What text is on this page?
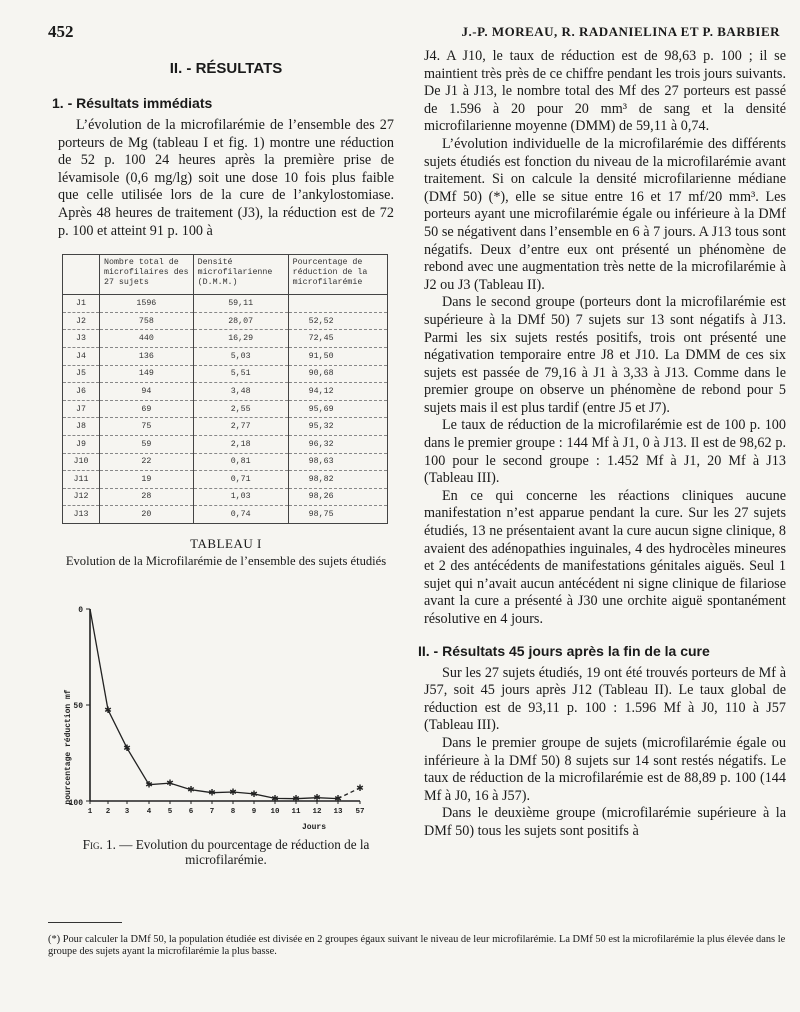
452	J.-P. MOREAU, R. RADANIELINA ET P. BARBIER
II. - RÉSULTATS
1. - Résultats immédiats

L’évolution de la microfilarémie de l’ensemble des 27 porteurs de Mg (tableau I et fig. 1) montre une réduction de 52 p. 100 24 heures après la première prise de lévamisole (0,6 mg/lg) soit une dose 10 fois plus faible que celle utilisée lors de la cure de l’ankylostomiase. Après 48 heures de traitement (J3), la réduction est de 72 p. 100 et atteint 91 p. 100 à

	Nombre total de microfilaires des 27 sujets	Densité microfilarienne (D.M.M.)	Pourcentage de réduction de la microfilarémie
J1	1596	59,11	
J2	758	28,07	52,52
J3	440	16,29	72,45
J4	136	5,03	91,50
J5	149	5,51	90,68
J6	94	3,48	94,12
J7	69	2,55	95,69
J8	75	2,77	95,32
J9	59	2,18	96,32
J10	22	0,81	98,63
J11	19	0,71	98,82
J12	28	1,03	98,26
J13	20	0,74	98,75
TABLEAU I
Evolution de la Microfilarémie de l’ensemble des sujets étudiés
0
50
100
1 2 3 4 5 6 7 8 9 10 11 12 13 57
✱
✱
✱ ✱
✱ ✱ ✱ ✱ ✱ ✱ ✱ ✱
✱
pourcentage réduction mf
Jours
Fig. 1. — Evolution du pourcentage de réduction de la microfilarémie.

J4. A J10, le taux de réduction est de 98,63 p. 100 ; il se maintient très près de ce chiffre pendant les trois jours suivants. De J1 à J13, le nombre total des Mf des 27 porteurs est passé de 1.596 à 20 pour 20 mm³ de sang et la densité microfilarienne moyenne (DMM) de 59,11 à 0,74.

L’évolution individuelle de la microfilarémie des différents sujets étudiés est fonction du niveau de la microfilarémie avant traitement. Si on calcule la densité microfilarienne médiane (DMf 50) (*), elle se situe entre 16 et 17 mf/20 mm³. Les porteurs ayant une microfilarémie égale ou inférieure à la DMf 50 se négativent dans l’ensemble en 6 à 7 jours. A J13 tous sont négatifs. Deux d’entre eux ont présenté un phénomène de rebond avec une augmentation très nette de la microfilarémie à J2 ou J3 (Tableau II).

Dans le second groupe (porteurs dont la microfilarémie est supérieure à la DMf 50) 7 sujets sur 13 sont négatifs à J13. Parmi les six sujets restés positifs, trois ont présenté une négativation temporaire entre J8 et J10. La DMM de ces six sujets est passée de 79,16 à J1 à 3,33 à J13. Comme dans le premier groupe on observe un phénomène de rebond pour 5 sujets mais il est plus tardif (entre J5 et J7).

Le taux de réduction de la microfilarémie est de 100 p. 100 dans le premier groupe : 144 Mf à J1, 0 à J13. Il est de 98,62 p. 100 pour le second groupe : 1.452 Mf à J1, 20 Mf à J13 (Tableau III).

En ce qui concerne les réactions cliniques aucune manifestation n’est apparue pendant la cure. Sur les 27 sujets étudiés, 13 ne présentaient avant la cure aucun signe clinique, 8 avaient des adénopathies inguinales, 4 des hydrocèles mineures et 2 des antécédents de manifestations génitales aiguës. Seul 1 sujet qui n’avait aucun antécédent ni signe clinique de filariose avant la cure a présenté à J30 une orchite aiguë spontanément résolutive en 4 jours.

II. - Résultats 45 jours après la fin de la cure

Sur les 27 sujets étudiés, 19 ont été trouvés porteurs de Mf à J57, soit 45 jours après J12 (Tableau II). Le taux global de réduction est de 93,11 p. 100 : 1.596 Mf à J0, 110 à J57 (Tableau III).

Dans le premier groupe de sujets (microfilarémie égale ou inférieure à la DMf 50) 8 sujets sur 14 sont restés négatifs. Le taux de réduction de la microfilarémie est de 88,89 p. 100 (144 Mf à J0, 16 à J57).

Dans le deuxième groupe (microfilarémie supérieure à la DMf 50) tous les sujets sont positifs à

(*) Pour calculer la DMf 50, la population étudiée est divisée en 2 groupes égaux suivant le niveau de leur microfilarémie. La DMf 50 est la microfilarémie la plus élevée dans le groupe des sujets ayant la microfilarémie la plus basse.
